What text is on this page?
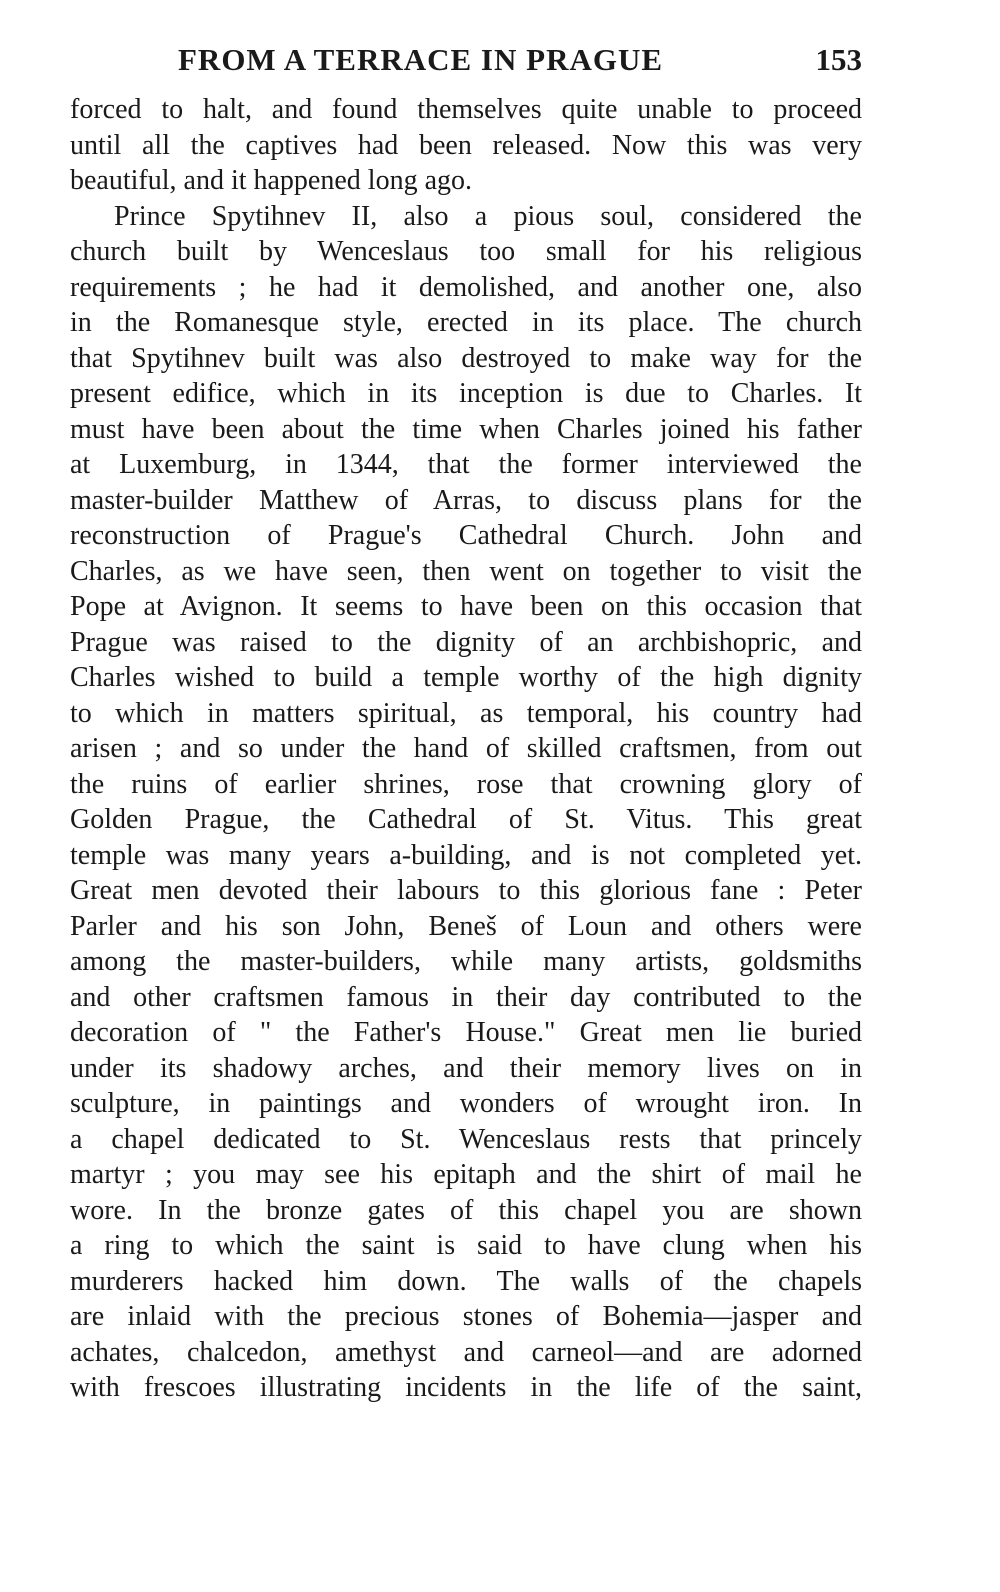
FROM A TERRACE IN PRAGUE	153
forced to halt, and found themselves quite unable to proceed
until all the captives had been released. Now this was very
beautiful, and it happened long ago.
Prince Spytihnev II, also a pious soul, considered the
church built by Wenceslaus too small for his religious
requirements ; he had it demolished, and another one, also
in the Romanesque style, erected in its place. The church
that Spytihnev built was also destroyed to make way for the
present edifice, which in its inception is due to Charles. It
must have been about the time when Charles joined his father
at Luxemburg, in 1344, that the former interviewed the
master-builder Matthew of Arras, to discuss plans for the
reconstruction of Prague's Cathedral Church. John and
Charles, as we have seen, then went on together to visit the
Pope at Avignon. It seems to have been on this occasion that
Prague was raised to the dignity of an archbishopric, and
Charles wished to build a temple worthy of the high dignity
to which in matters spiritual, as temporal, his country had
arisen ; and so under the hand of skilled craftsmen, from out
the ruins of earlier shrines, rose that crowning glory of
Golden Prague, the Cathedral of St. Vitus. This great
temple was many years a-building, and is not completed yet.
Great men devoted their labours to this glorious fane : Peter
Parler and his son John, Beneš of Loun and others were
among the master-builders, while many artists, goldsmiths
and other craftsmen famous in their day contributed to the
decoration of " the Father's House." Great men lie buried
under its shadowy arches, and their memory lives on in
sculpture, in paintings and wonders of wrought iron. In
a chapel dedicated to St. Wenceslaus rests that princely
martyr ; you may see his epitaph and the shirt of mail he
wore. In the bronze gates of this chapel you are shown
a ring to which the saint is said to have clung when his
murderers hacked him down. The walls of the chapels
are inlaid with the precious stones of Bohemia—jasper and
achates, chalcedon, amethyst and carneol—and are adorned
with frescoes illustrating incidents in the life of the saint,
